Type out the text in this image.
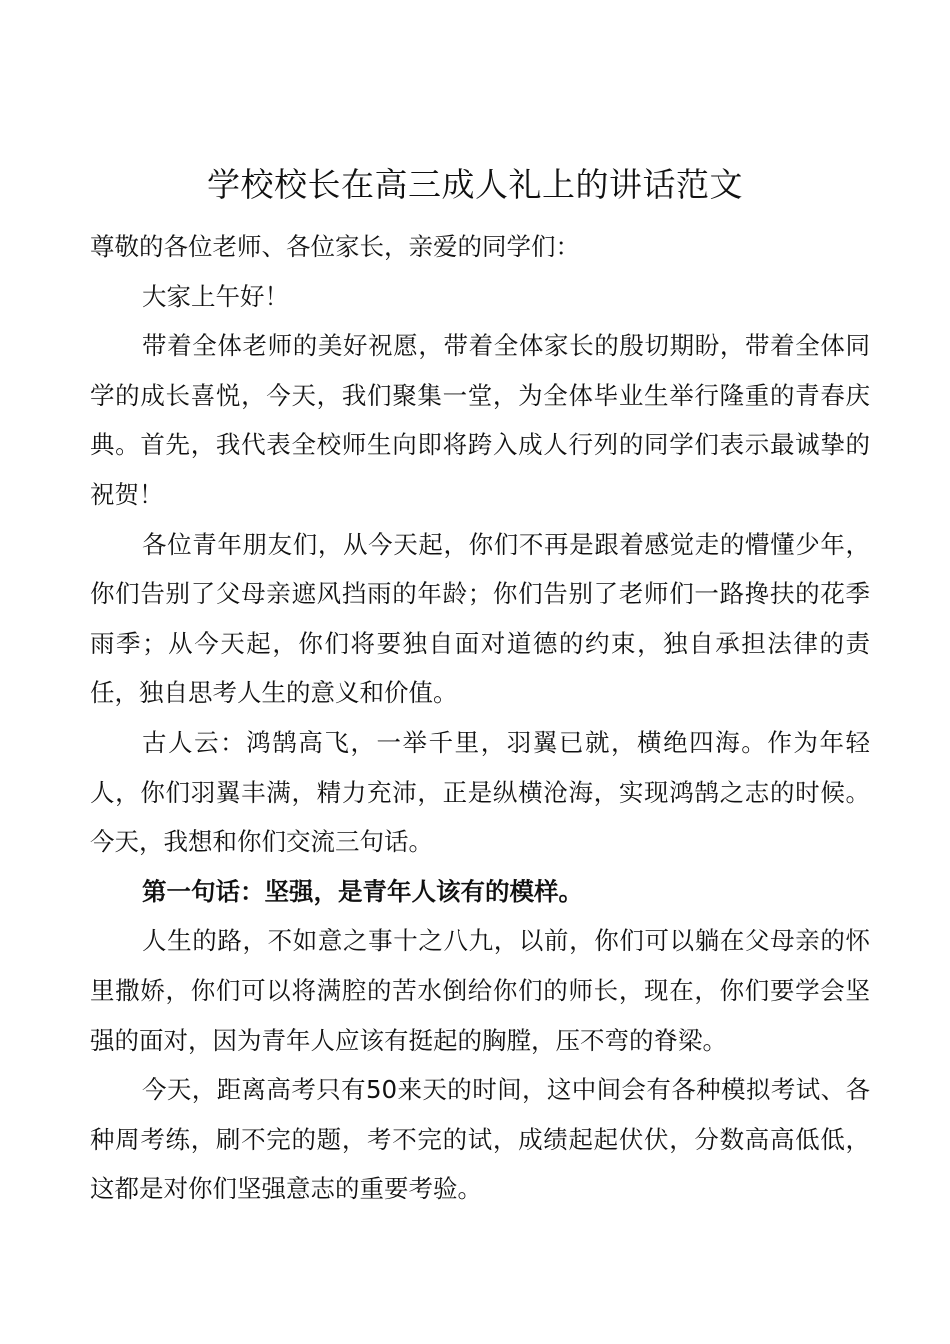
学校校长在高三成人礼上的讲话范文

尊敬的各位老师、各位家长，亲爱的同学们：

大家上午好！

带着全体老师的美好祝愿，带着全体家长的殷切期盼，带着全体同学的成长喜悦，今天，我们聚集一堂，为全体毕业生举行隆重的青春庆典。首先，我代表全校师生向即将跨入成人行列的同学们表示最诚挚的祝贺！

各位青年朋友们，从今天起，你们不再是跟着感觉走的懵懂少年，你们告别了父母亲遮风挡雨的年龄；你们告别了老师们一路搀扶的花季雨季；从今天起，你们将要独自面对道德的约束，独自承担法律的责任，独自思考人生的意义和价值。

古人云：鸿鹄高飞，一举千里，羽翼已就，横绝四海。作为年轻人，你们羽翼丰满，精力充沛，正是纵横沧海，实现鸿鹄之志的时候。今天，我想和你们交流三句话。

第一句话：坚强，是青年人该有的模样。

人生的路，不如意之事十之八九，以前，你们可以躺在父母亲的怀里撒娇，你们可以将满腔的苦水倒给你们的师长，现在，你们要学会坚强的面对，因为青年人应该有挺起的胸膛，压不弯的脊梁。

今天，距离高考只有50来天的时间，这中间会有各种模拟考试、各种周考练，刷不完的题，考不完的试，成绩起起伏伏，分数高高低低，这都是对你们坚强意志的重要考验。
